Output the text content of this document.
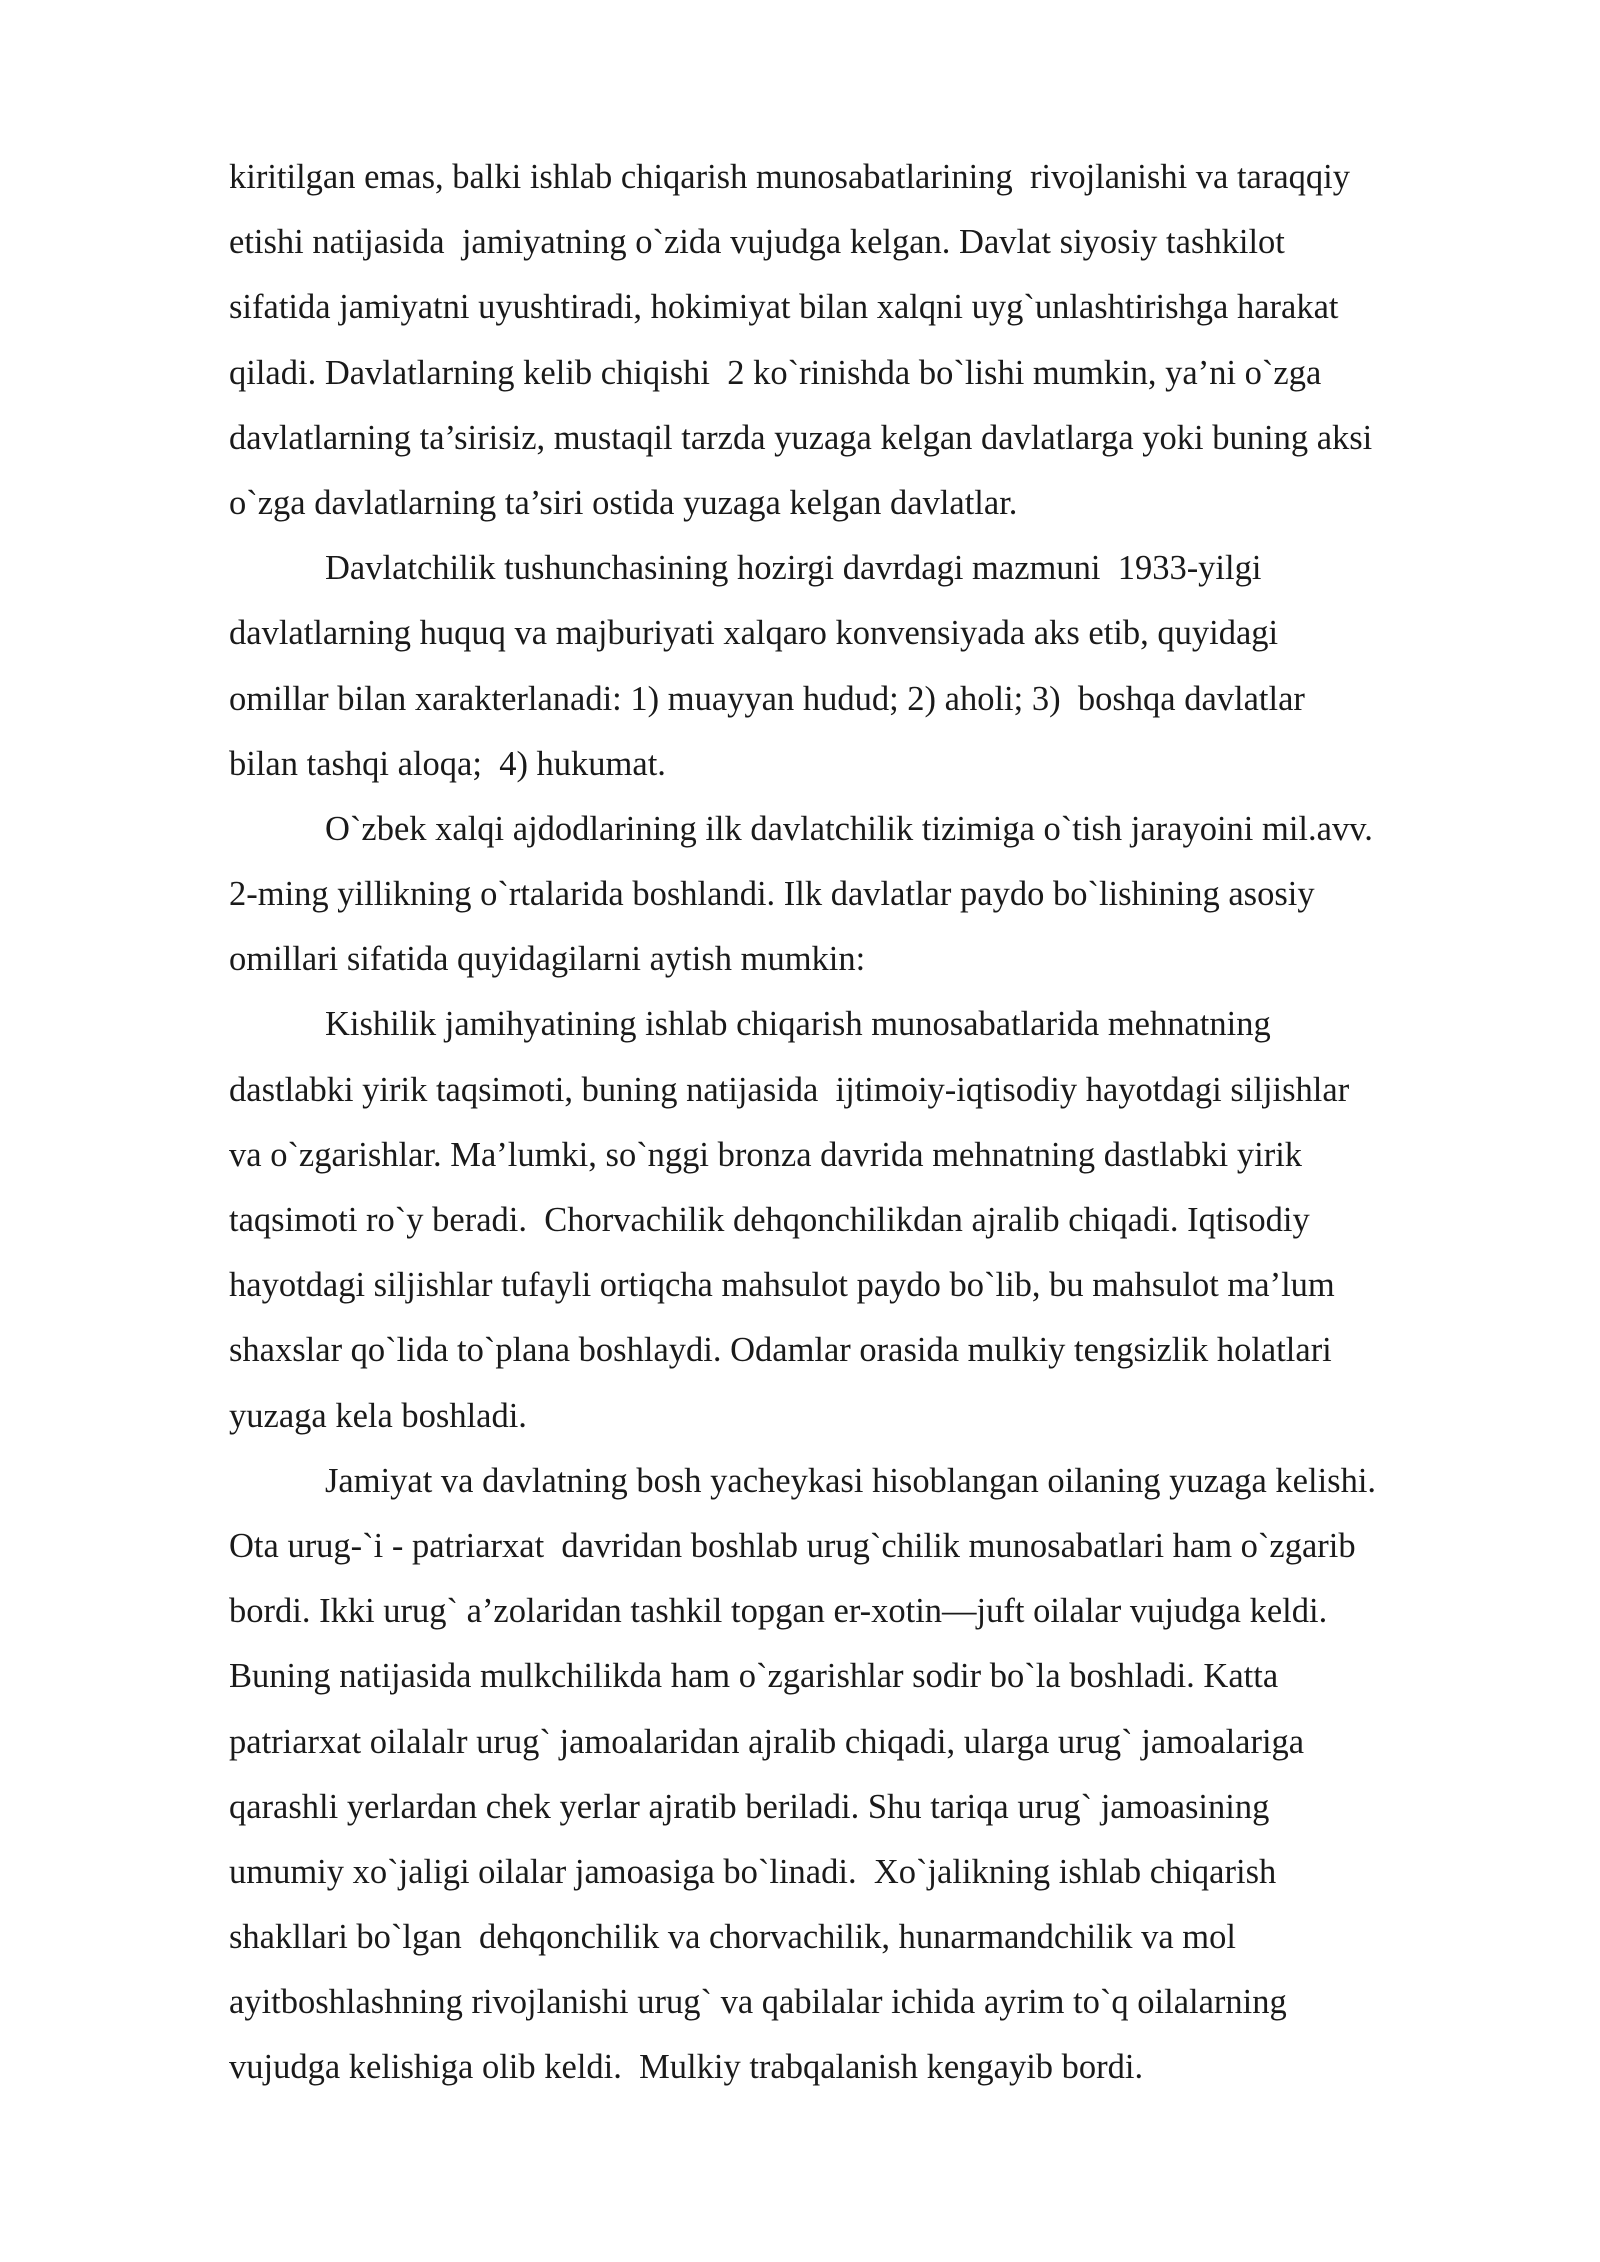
kiritilgan emas, balki ishlab chiqarish munosabatlarining  rivojlanishi va taraqqiy
etishi natijasida  jamiyatning o`zida vujudga kelgan. Davlat siyosiy tashkilot
sifatida jamiyatni uyushtiradi, hokimiyat bilan xalqni uyg`unlashtirishga harakat
qiladi. Davlatlarning kelib chiqishi  2 ko`rinishda bo`lishi mumkin, ya’ni o`zga
davlatlarning ta’sirisiz, mustaqil tarzda yuzaga kelgan davlatlarga yoki buning aksi
o`zga davlatlarning ta’siri ostida yuzaga kelgan davlatlar.
Davlatchilik tushunchasining hozirgi davrdagi mazmuni  1933-yilgi
davlatlarning huquq va majburiyati xalqaro konvensiyada aks etib, quyidagi
omillar bilan xarakterlanadi: 1) muayyan hudud; 2) aholi; 3)  boshqa davlatlar
bilan tashqi aloqa;  4) hukumat.
O`zbek xalqi ajdodlarining ilk davlatchilik tizimiga o`tish jarayoini mil.avv.
2-ming yillikning o`rtalarida boshlandi. Ilk davlatlar paydo bo`lishining asosiy
omillari sifatida quyidagilarni aytish mumkin:
Kishilik jamihyatining ishlab chiqarish munosabatlarida mehnatning
dastlabki yirik taqsimoti, buning natijasida  ijtimoiy-iqtisodiy hayotdagi siljishlar
va o`zgarishlar. Ma’lumki, so`nggi bronza davrida mehnatning dastlabki yirik
taqsimoti ro`y beradi.  Chorvachilik dehqonchilikdan ajralib chiqadi. Iqtisodiy
hayotdagi siljishlar tufayli ortiqcha mahsulot paydo bo`lib, bu mahsulot ma’lum
shaxslar qo`lida to`plana boshlaydi. Odamlar orasida mulkiy tengsizlik holatlari
yuzaga kela boshladi.
Jamiyat va davlatning bosh yacheykasi hisoblangan oilaning yuzaga kelishi.
Ota urug-`i - patriarxat  davridan boshlab urug`chilik munosabatlari ham o`zgarib
bordi. Ikki urug` a’zolaridan tashkil topgan er-xotin—juft oilalar vujudga keldi.
Buning natijasida mulkchilikda ham o`zgarishlar sodir bo`la boshladi. Katta
patriarxat oilalalr urug` jamoalaridan ajralib chiqadi, ularga urug` jamoalariga
qarashli yerlardan chek yerlar ajratib beriladi. Shu tariqa urug` jamoasining
umumiy xo`jaligi oilalar jamoasiga bo`linadi.  Xo`jalikning ishlab chiqarish
shakllari bo`lgan  dehqonchilik va chorvachilik, hunarmandchilik va mol
ayitboshlashning rivojlanishi urug` va qabilalar ichida ayrim to`q oilalarning
vujudga kelishiga olib keldi.  Mulkiy trabqalanish kengayib bordi.
